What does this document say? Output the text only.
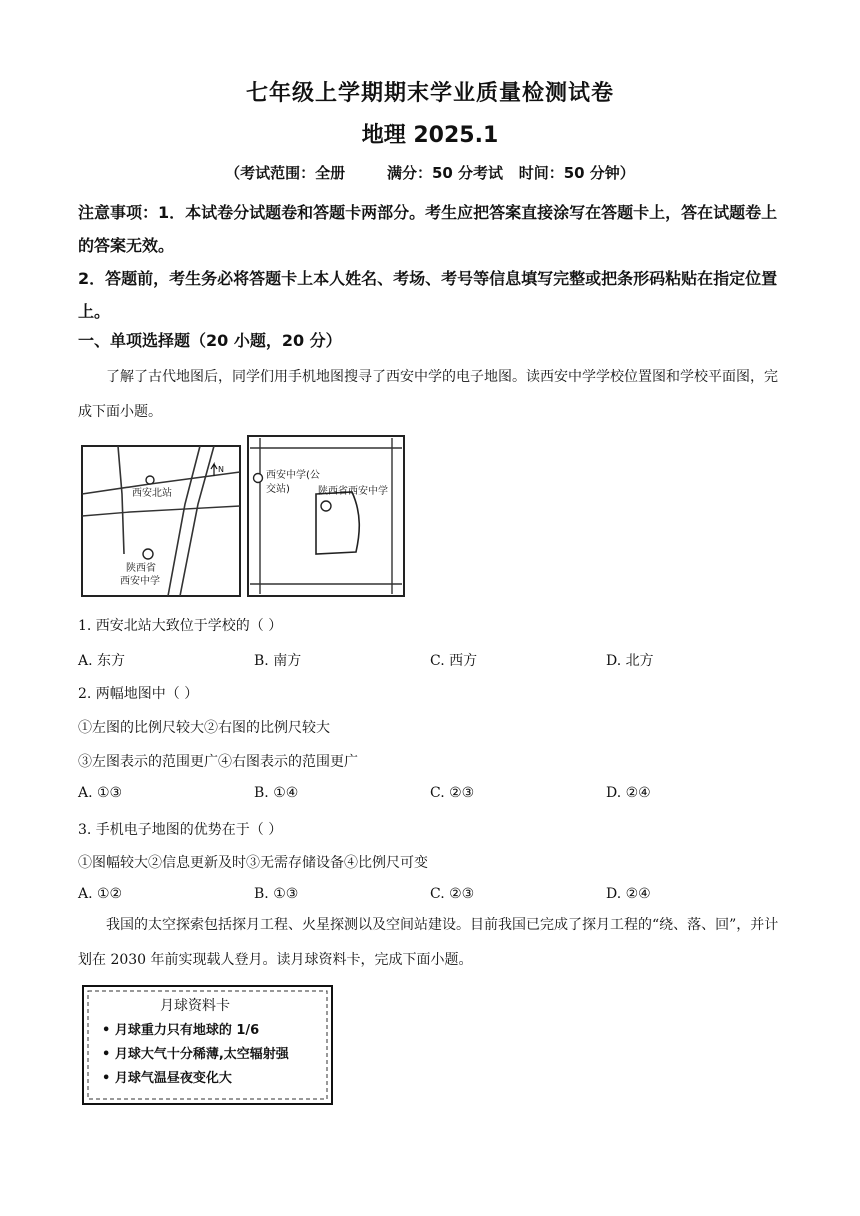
七年级上学期期末学业质量检测试卷
地理 2025.1
（考试范围：全册        满分：50 分考试   时间：50 分钟）
注意事项：1．本试卷分试题卷和答题卡两部分。考生应把答案直接涂写在答题卡上，答在试题卷上的答案无效。
2．答题前，考生务必将答题卡上本人姓名、考场、考号等信息填写完整或把条形码粘贴在指定位置上。
一、单项选择题（20 小题，20 分）
了解了古代地图后，同学们用手机地图搜寻了西安中学的电子地图。读西安中学学校位置图和学校平面图，完成下面小题。
西安北站
N
陕西省
西安中学
西安中学(公
交站)	陕西省西安中学
1. 西安北站大致位于学校的（ ）
A. 东方	B. 南方	C. 西方	D. 北方
2. 两幅地图中（ ）
①左图的比例尺较大②右图的比例尺较大
③左图表示的范围更广④右图表示的范围更广
A. ①③	B. ①④	C. ②③	D. ②④
3. 手机电子地图的优势在于（ ）
①图幅较大②信息更新及时③无需存储设备④比例尺可变
A. ①②	B. ①③	C. ②③	D. ②④
我国的太空探索包括探月工程、火星探测以及空间站建设。目前我国已完成了探月工程的“绕、落、回”，并计划在 2030 年前实现载人登月。读月球资料卡，完成下面小题。
月球资料卡
• 月球重力只有地球的 1/6
• 月球大气十分稀薄,太空辐射强
• 月球气温昼夜变化大
